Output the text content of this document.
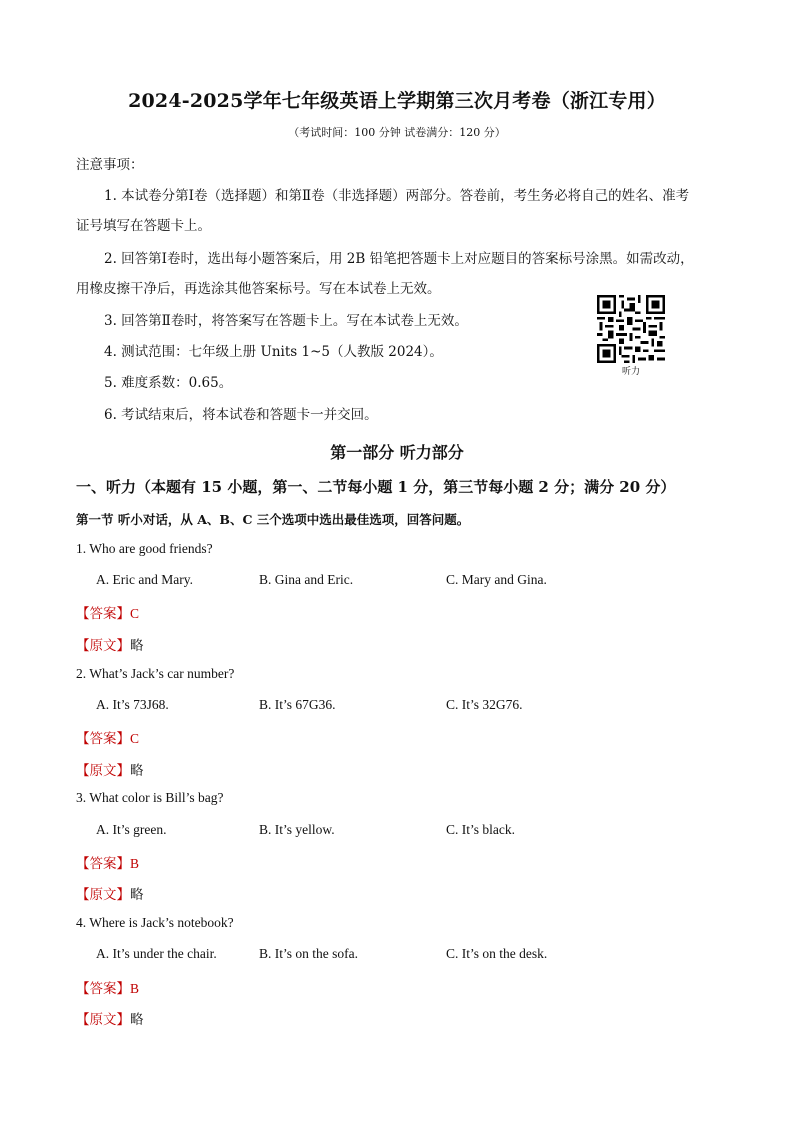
2024-2025学年七年级英语上学期第三次月考卷（浙江专用）
（考试时间：100 分钟 试卷满分：120 分）
注意事项：
1. 本试卷分第Ⅰ卷（选择题）和第Ⅱ卷（非选择题）两部分。答卷前，考生务必将自己的姓名、准考
证号填写在答题卡上。
2. 回答第Ⅰ卷时，选出每小题答案后，用 2B 铅笔把答题卡上对应题目的答案标号涂黑。如需改动，
用橡皮擦干净后，再选涂其他答案标号。写在本试卷上无效。
3. 回答第Ⅱ卷时，将答案写在答题卡上。写在本试卷上无效。
4. 测试范围：七年级上册 Units 1~5（人教版 2024）。
5. 难度系数：0.65。
6. 考试结束后，将本试卷和答题卡一并交回。
听力
第一部分 听力部分
一、听力（本题有 15 小题，第一、二节每小题 1 分，第三节每小题 2 分；满分 20 分）
第一节 听小对话，从 A、B、C 三个选项中选出最佳选项，回答问题。
1. Who are good friends?
A. Eric and Mary.	B. Gina and Eric.	C. Mary and Gina.
【答案】C
【原文】略
2. What’s Jack’s car number?
A. It’s 73J68.	B. It’s 67G36.	C. It’s 32G76.
【答案】C
【原文】略
3. What color is Bill’s bag?
A. It’s green.	B. It’s yellow.	C. It’s black.
【答案】B
【原文】略
4. Where is Jack’s notebook?
A. It’s under the chair.	B. It’s on the sofa.	C. It’s on the desk.
【答案】B
【原文】略
